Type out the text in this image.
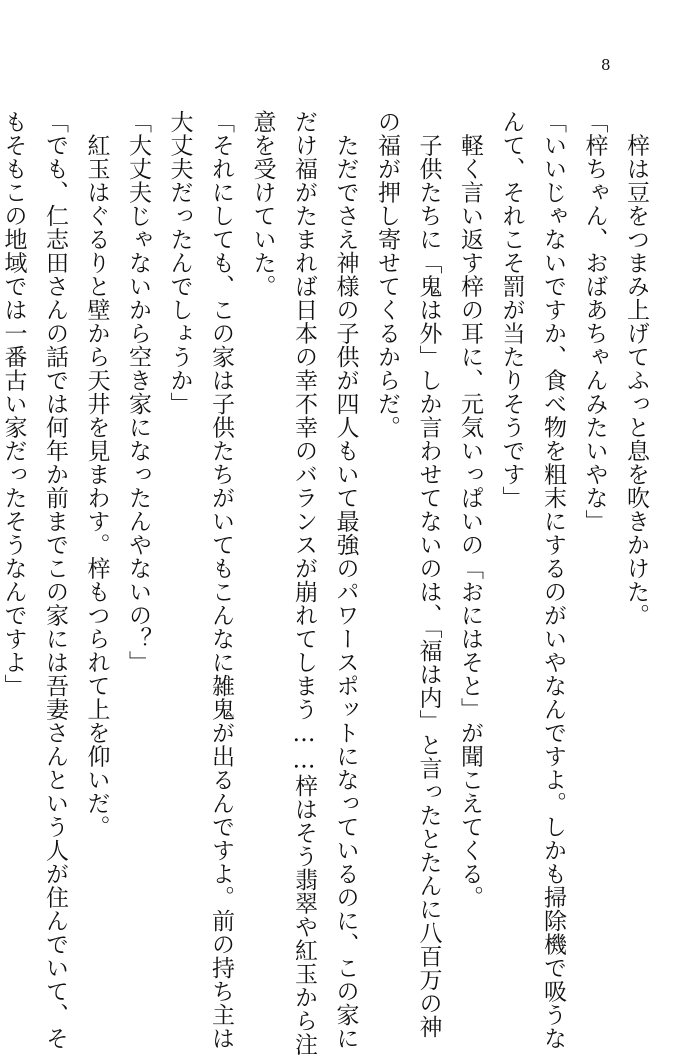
8

　梓は豆をつまみ上げてふっと息を吹きかけた。

「梓ちゃん、おばあちゃんみたいやな」

「いいじゃないですか、食べ物を粗末にするのがいやなんですよ。しかも掃除機で吸うな

んて、それこそ罰が当たりそうです」

　軽く言い返す梓の耳に、元気いっぱいの「おにはそと」が聞こえてくる。

　子供たちに「鬼は外」しか言わせてないのは、「福は内」と言ったとたんに八百万の神

の福が押し寄せてくるからだ。

　ただでさえ神様の子供が四人もいて最強のパワースポットになっているのに、この家に

だけ福がたまれば日本の幸不幸のバランスが崩れてしまう……梓はそう翡翠や紅玉から注

意を受けていた。

「それにしても、この家は子供たちがいてもこんなに雑鬼が出るんですよ。前の持ち主は

大丈夫だったんでしょうか」

「大丈夫じゃないから空き家になったんやないの？」

　紅玉はぐるりと壁から天井を見まわす。梓もつられて上を仰いだ。

「でも、仁志田さんの話では何年か前までこの家には吾妻さんという人が住んでいて、そ

もそもこの地域では一番古い家だったそうなんですよ」
